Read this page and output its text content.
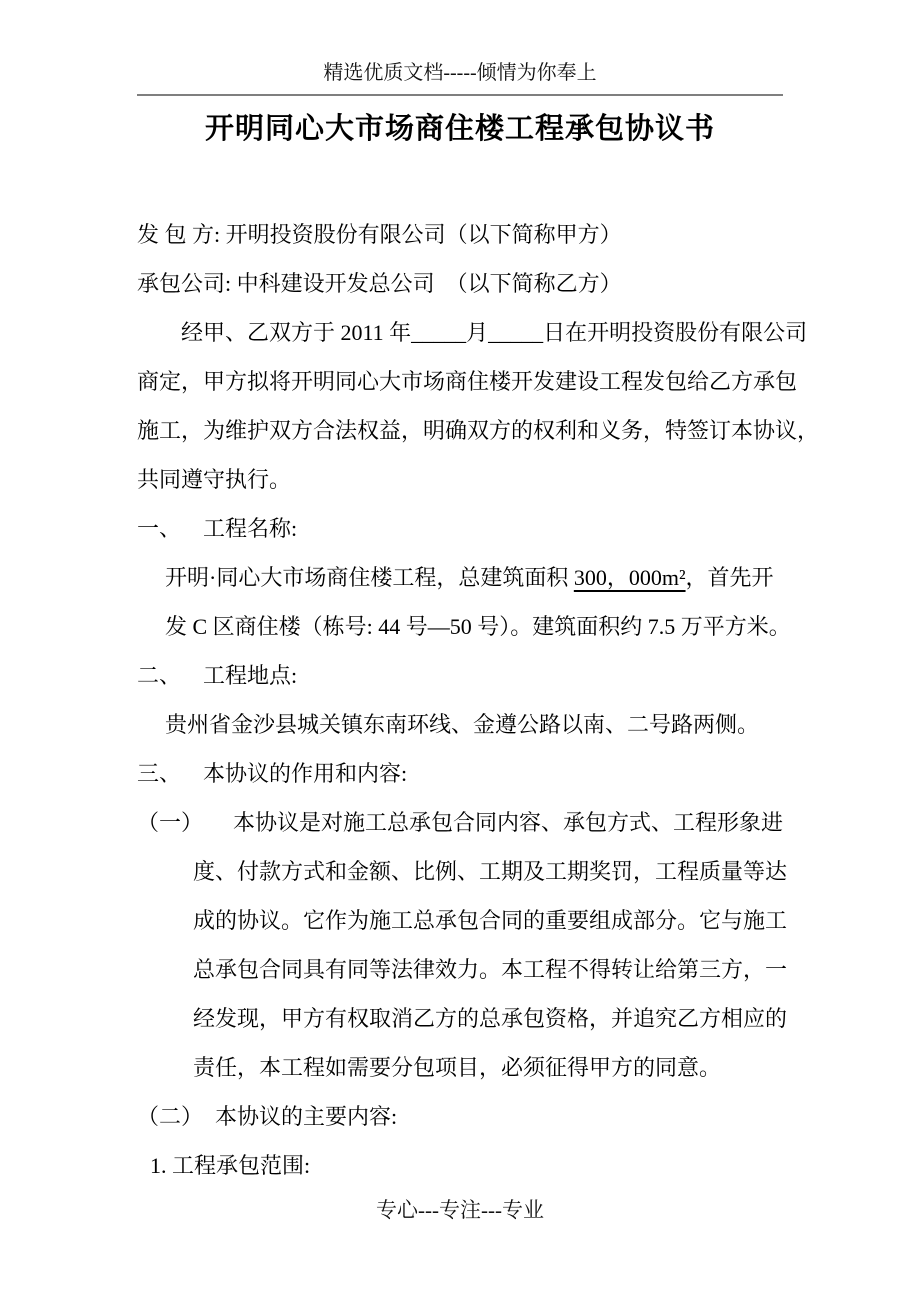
精选优质文档-----倾情为你奉上
开明同心大市场商住楼工程承包协议书
发 包 方: 开明投资股份有限公司（以下简称甲方）
承包公司: 中科建设开发总公司　（以下简称乙方）
经甲、乙双方于 2011 年_____月_____日在开明投资股份有限公司
商定，甲方拟将开明同心大市场商住楼开发建设工程发包给乙方承包
施工，为维护双方合法权益，明确双方的权利和义务，特签订本协议，
共同遵守执行。
一、 工程名称:
开明·同心大市场商住楼工程，总建筑面积 300，000m²，首先开
发 C 区商住楼（栋号: 44 号—50 号）。建筑面积约 7.5 万平方米。
二、 工程地点:
贵州省金沙县城关镇东南环线、金遵公路以南、二号路两侧。
三、 本协议的作用和内容:
（一） 本协议是对施工总承包合同内容、承包方式、工程形象进
度、付款方式和金额、比例、工期及工期奖罚，工程质量等达
成的协议。它作为施工总承包合同的重要组成部分。它与施工
总承包合同具有同等法律效力。本工程不得转让给第三方，一
经发现，甲方有权取消乙方的总承包资格，并追究乙方相应的
责任，本工程如需要分包项目，必须征得甲方的同意。
（二） 本协议的主要内容:
1. 工程承包范围:
专心---专注---专业
